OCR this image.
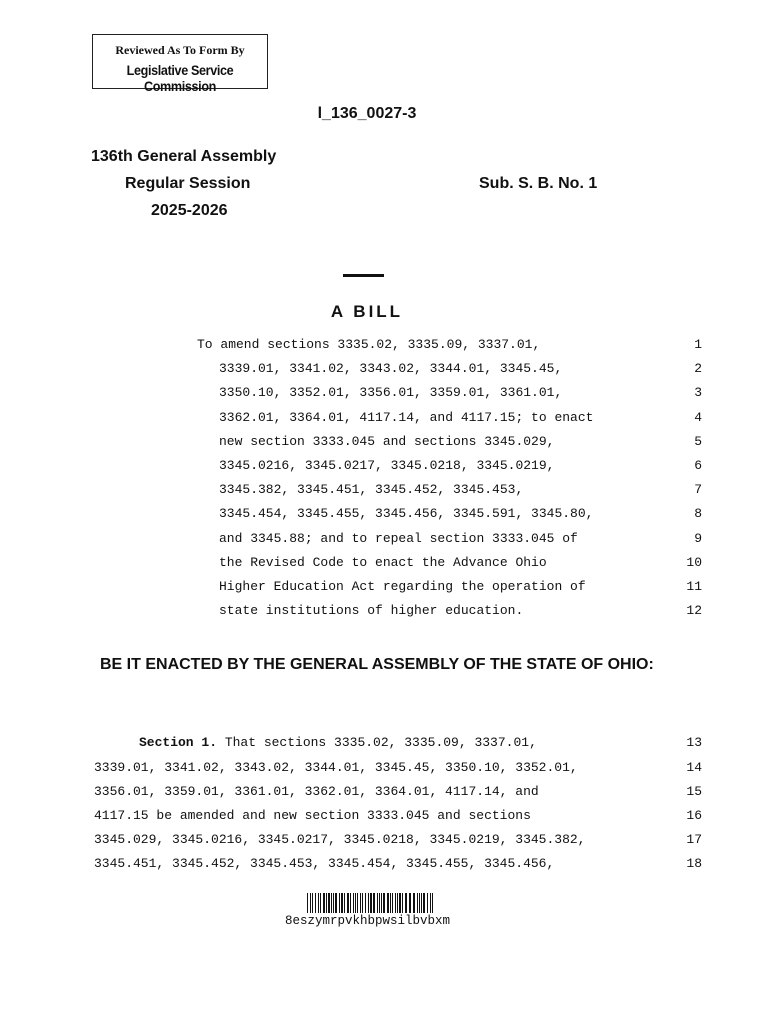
Reviewed As To Form By
Legislative Service Commission
l_136_0027-3
136th General Assembly
Regular Session
2025-2026
Sub. S. B. No. 1
A BILL
To amend sections 3335.02, 3335.09, 3337.01,	1
3339.01, 3341.02, 3343.02, 3344.01, 3345.45,	2
3350.10, 3352.01, 3356.01, 3359.01, 3361.01,	3
3362.01, 3364.01, 4117.14, and 4117.15; to enact	4
new section 3333.045 and sections 3345.029,	5
3345.0216, 3345.0217, 3345.0218, 3345.0219,	6
3345.382, 3345.451, 3345.452, 3345.453,	7
3345.454, 3345.455, 3345.456, 3345.591, 3345.80,	8
and 3345.88; and to repeal section 3333.045 of	9
the Revised Code to enact the Advance Ohio	10
Higher Education Act regarding the operation of	11
state institutions of higher education.	12
BE IT ENACTED BY THE GENERAL ASSEMBLY OF THE STATE OF OHIO:
Section 1. That sections 3335.02, 3335.09, 3337.01,	13
3339.01, 3341.02, 3343.02, 3344.01, 3345.45, 3350.10, 3352.01,	14
3356.01, 3359.01, 3361.01, 3362.01, 3364.01, 4117.14, and	15
4117.15 be amended and new section 3333.045 and sections	16
3345.029, 3345.0216, 3345.0217, 3345.0218, 3345.0219, 3345.382,	17
3345.451, 3345.452, 3345.453, 3345.454, 3345.455, 3345.456,	18
8eszymrpvkhbpwsilbvbxm
